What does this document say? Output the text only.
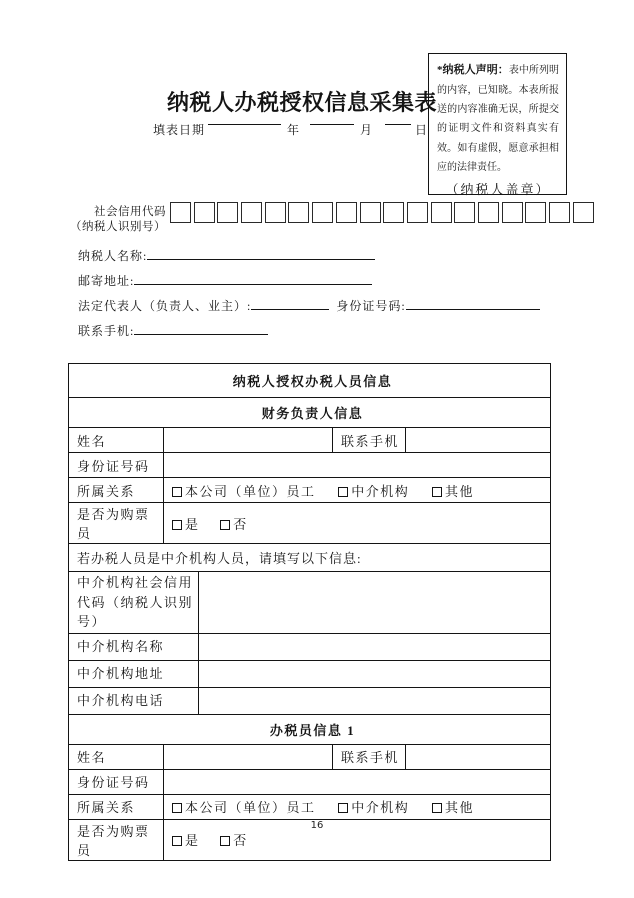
纳税人办税授权信息采集表
填表日期	年	月	日
*纳税人声明：表中所列明的内容，已知晓。本表所报送的内容准确无误，所提交的证明文件和资料真实有效。如有虚假，愿意承担相应的法律责任。
（纳税人盖章）
社会信用代码
（纳税人识别号）
纳税人名称:
邮寄地址:
法定代表人（负责人、业主）:	身份证号码:
联系手机:
纳税人授权办税人员信息				
财务负责人信息				
姓名			联系手机	
身份证号码				
所属关系	本公司（单位）员工 中介机构 其他			
是否为购票员	是 否			
若办税人员是中介机构人员，请填写以下信息:				
中介机构社会信用代码（纳税人识别号）				
中介机构名称				
中介机构地址				
中介机构电话				
办税员信息 1				
姓名			联系手机	
身份证号码				
所属关系	本公司（单位）员工 中介机构 其他			
是否为购票员	是 否			
16
